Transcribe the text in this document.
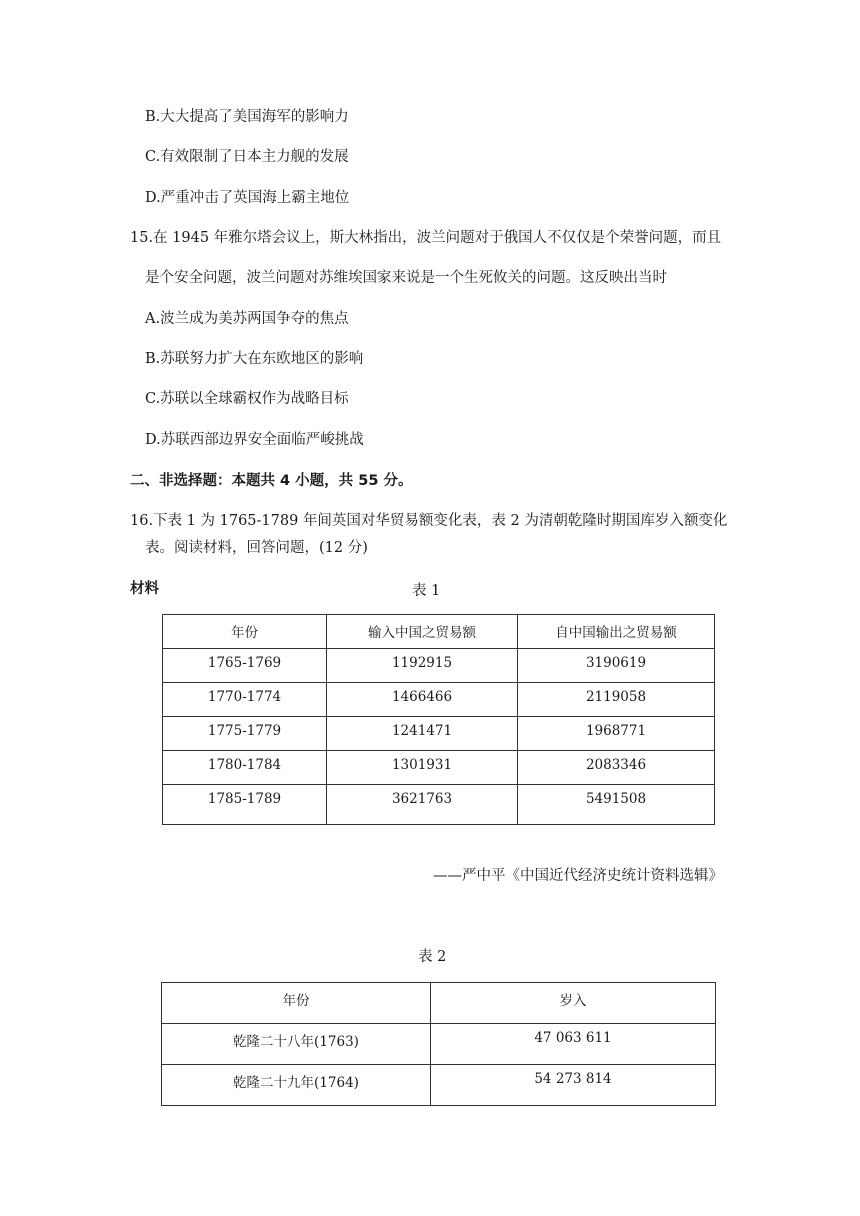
B.大大提高了美国海军的影响力
C.有效限制了日本主力舰的发展
D.严重冲击了英国海上霸主地位
15.在 1945 年雅尔塔会议上，斯大林指出，波兰问题对于俄国人不仅仅是个荣誉问题，而且
是个安全问题，波兰问题对苏维埃国家来说是一个生死攸关的问题。这反映出当时
A.波兰成为美苏两国争夺的焦点
B.苏联努力扩大在东欧地区的影响
C.苏联以全球霸权作为战略目标
D.苏联西部边界安全面临严峻挑战
二、非选择题：本题共 4 小题，共 55 分。
16.下表 1 为 1765-1789 年间英国对华贸易额变化表，表 2 为清朝乾隆时期国库岁入额变化
表。阅读材料，回答问题，(12 分)
材料	表 1
年份	输入中国之贸易额	自中国输出之贸易额
1765-1769	1192915	3190619
1770-1774	1466466	2119058
1775-1779	1241471	1968771
1780-1784	1301931	2083346
1785-1789	3621763	5491508
——严中平《中国近代经济史统计资料选辑》
表 2
年份	岁入
乾隆二十八年(1763)	47 063 611
乾隆二十九年(1764)	54 273 814
